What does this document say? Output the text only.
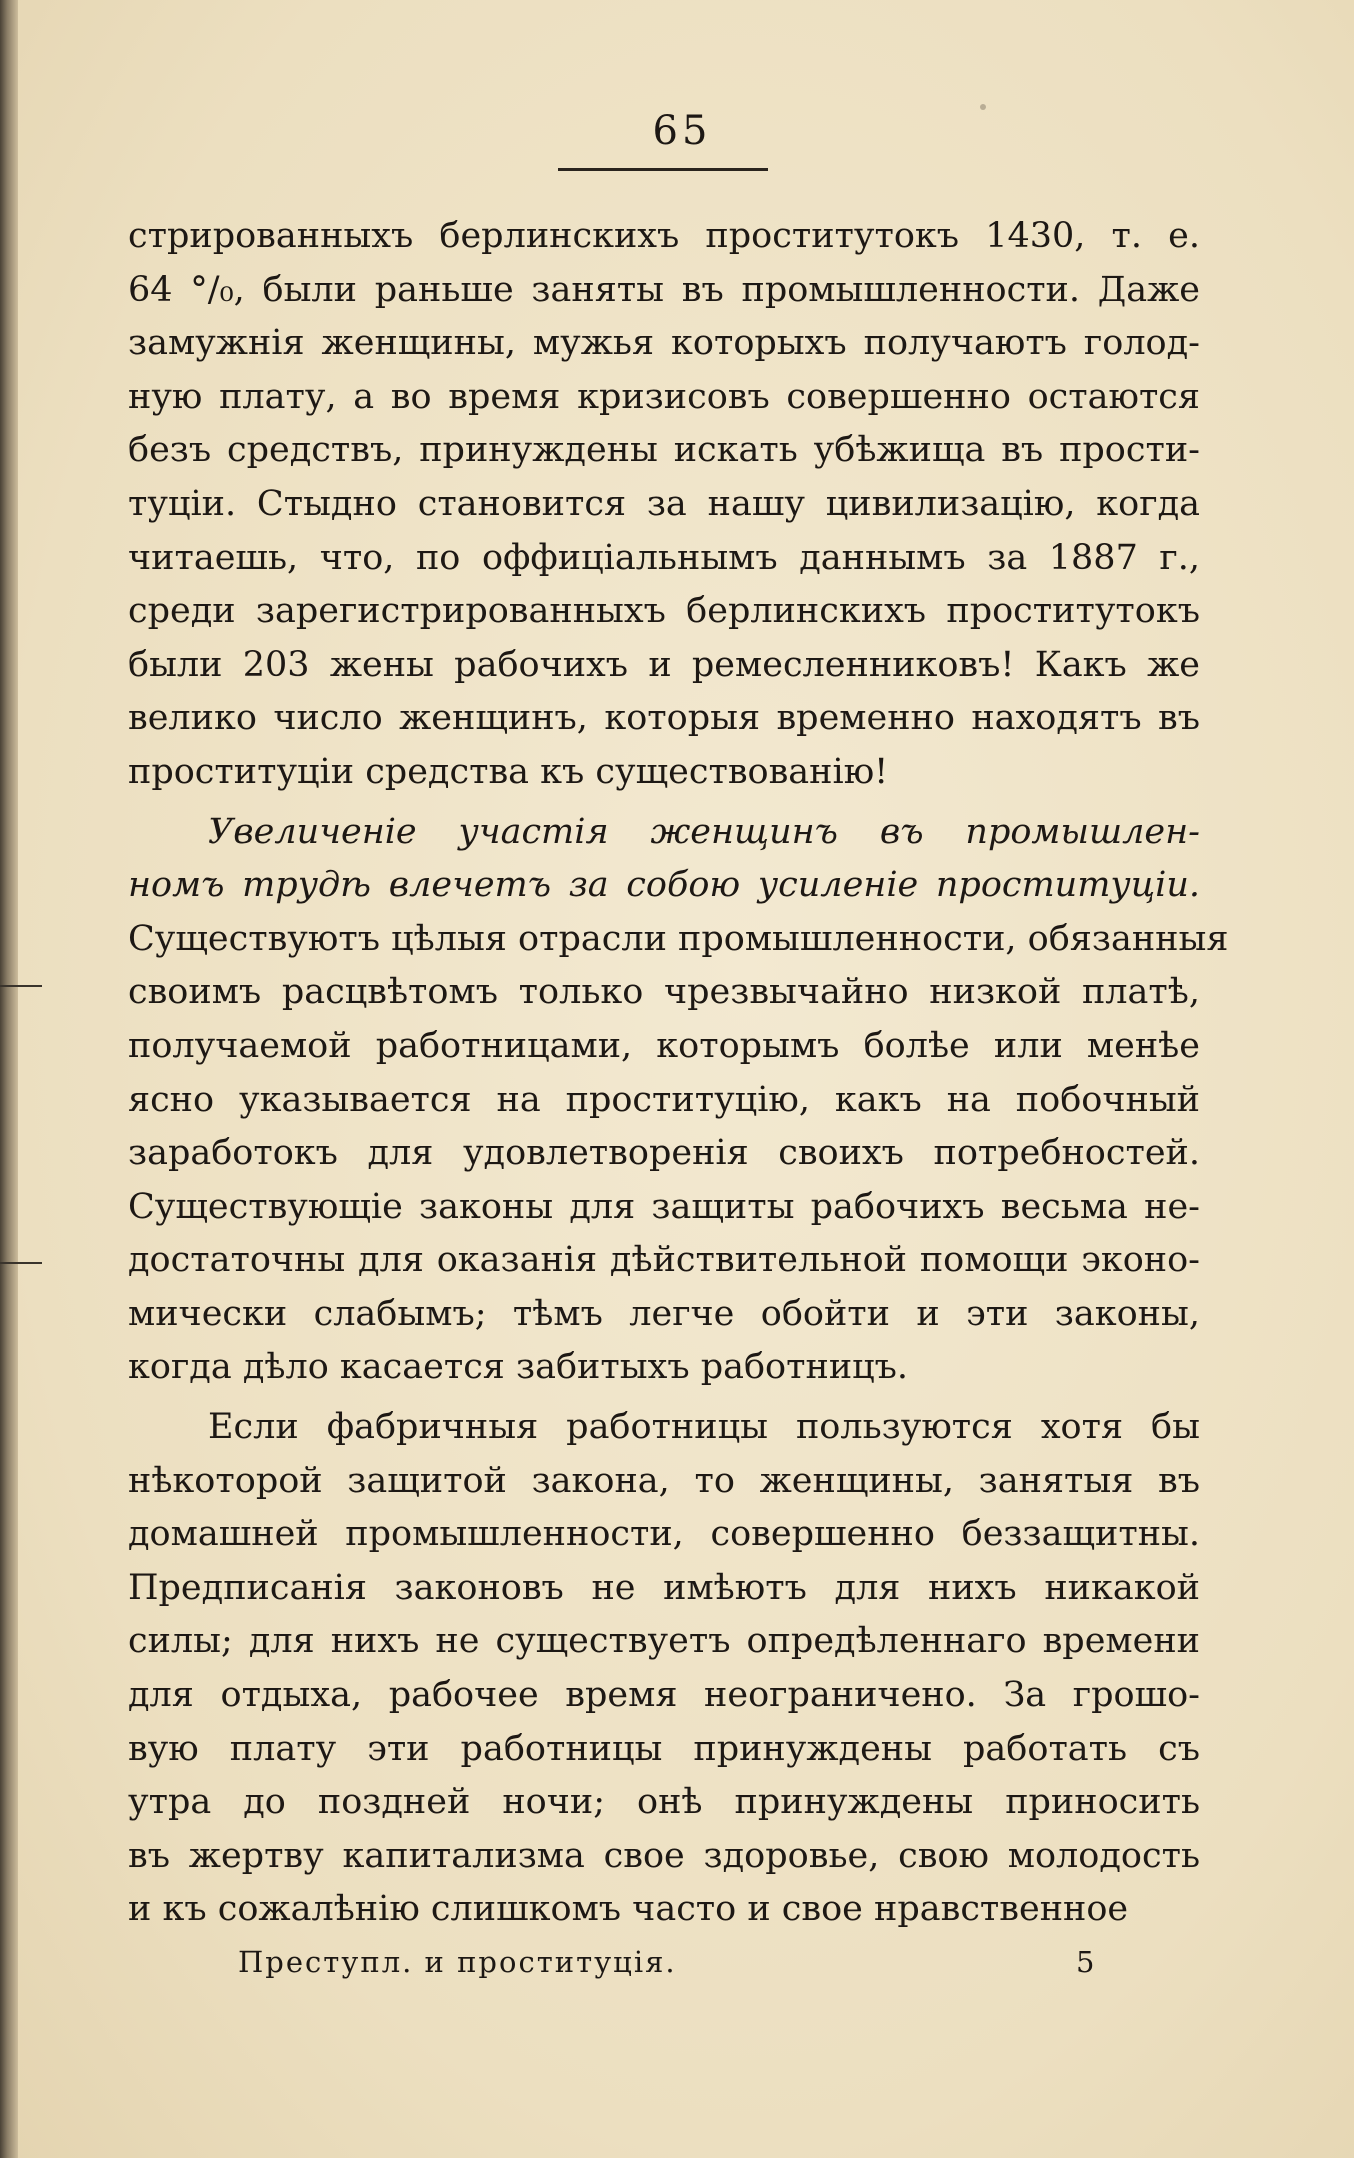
65
стрированныхъ берлинскихъ проститутокъ 1430, т. е.
64 °/₀, были раньше заняты въ промышленности. Даже
замужнія женщины, мужья которыхъ получаютъ голод-
ную плату, а во время кризисовъ совершенно остаются
безъ средствъ, принуждены искать убѣжища въ прости-
туціи. Стыдно становится за нашу цивилизацію, когда
читаешь, что, по оффиціальнымъ даннымъ за 1887 г.,
среди зарегистрированныхъ берлинскихъ проститутокъ
были 203 жены рабочихъ и ремесленниковъ! Какъ же
велико число женщинъ, которыя временно находятъ въ
проституціи средства къ существованію!
Увеличеніе участія женщинъ въ промышлен-
номъ трудѣ влечетъ за собою усиленіе проституціи.
Существуютъ цѣлыя отрасли промышленности, обязанныя
своимъ расцвѣтомъ только чрезвычайно низкой платѣ,
получаемой работницами, которымъ болѣе или менѣе
ясно указывается на проституцію, какъ на побочный
заработокъ для удовлетворенія своихъ потребностей.
Существующіе законы для защиты рабочихъ весьма не-
достаточны для оказанія дѣйствительной помощи эконо-
мически слабымъ; тѣмъ легче обойти и эти законы,
когда дѣло касается забитыхъ работницъ.
Если фабричныя работницы пользуются хотя бы
нѣкоторой защитой закона, то женщины, занятыя въ
домашней промышленности, совершенно беззащитны.
Предписанія законовъ не имѣютъ для нихъ никакой
силы; для нихъ не существуетъ опредѣленнаго времени
для отдыха, рабочее время неограничено. За грошо-
вую плату эти работницы принуждены работать съ
утра до поздней ночи; онѣ принуждены приносить
въ жертву капитализма свое здоровье, свою молодость
и къ сожалѣнію слишкомъ часто и свое нравственное
Преступл. и проституція.	5
